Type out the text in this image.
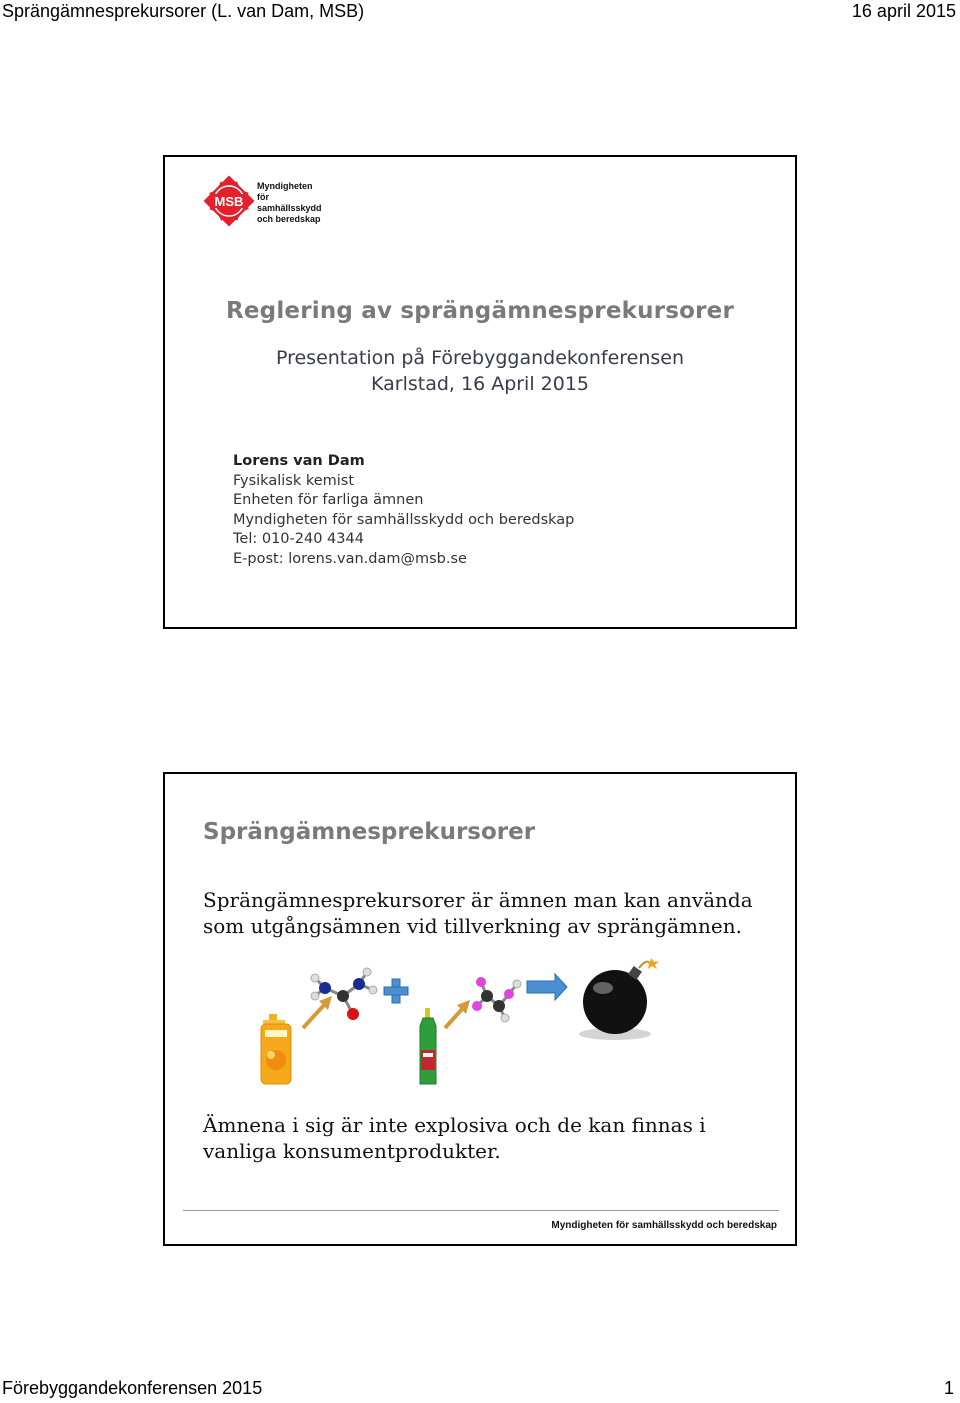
Sprängämnesprekursorer (L. van Dam, MSB)	16 april 2015
MSB
Myndigheten för
samhällsskydd
och beredskap
Reglering av sprängämnesprekursorer
Presentation på Förebyggandekonferensen
Karlstad, 16 April 2015
Lorens van Dam
Fysikalisk kemist
Enheten för farliga ämnen
Myndigheten för samhällsskydd och beredskap
Tel: 010-240 4344
E-post: lorens.van.dam@msb.se
Sprängämnesprekursorer
Sprängämnesprekursorer är ämnen man kan använda som utgångsämnen vid tillverkning av sprängämnen.
Ämnena i sig är inte explosiva och de kan finnas i vanliga konsumentprodukter.
Myndigheten för samhällsskydd och beredskap
Förebyggandekonferensen 2015	1
